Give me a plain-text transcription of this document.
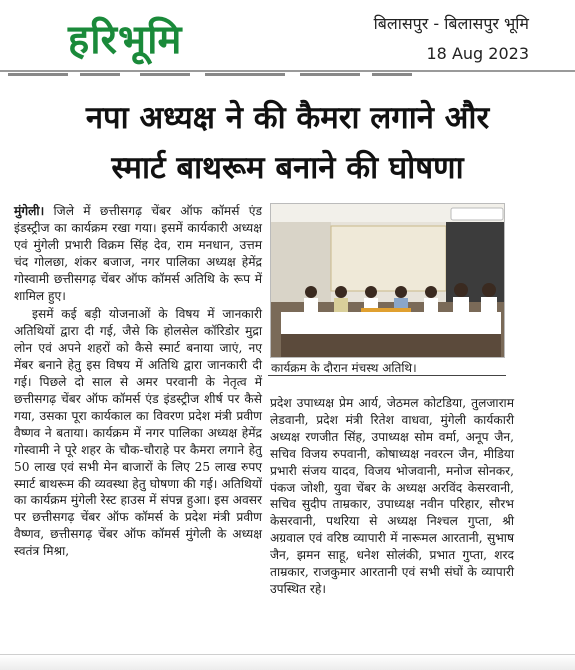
हरिभूमि	बिलासपुर - बिलासपुर भूमि
18 Aug 2023
नपा अध्यक्ष ने की कैमरा लगाने और
स्मार्ट बाथरूम बनाने की घोषणा

मुंगेली। जिले में छत्तीसगढ़ चेंबर ऑफ कॉमर्स एंड इंडस्ट्रीज का कार्यक्रम रखा गया। इसमें कार्यकारी अध्यक्ष एवं मुंगेली प्रभारी विक्रम सिंह देव, राम मनधान, उत्तम चंद गोलछा, शंकर बजाज, नगर पालिका अध्यक्ष हेमेंद्र गोस्वामी छत्तीसगढ़ चेंबर ऑफ कॉमर्स अतिथि के रूप में शामिल हुए।

इसमें कई बड़ी योजनाओं के विषय में जानकारी अतिथियों द्वारा दी गई, जैसे कि होलसेल कॉरिडोर मुद्रा लोन एवं अपने शहरों को कैसे स्मार्ट बनाया जाएं, नए मेंबर बनाने हेतु इस विषय में अतिथि द्वारा जानकारी दी गई। पिछले दो साल से अमर परवानी के नेतृत्व में छत्तीसगढ़ चेंबर ऑफ कॉमर्स एंड इंडस्ट्रीज शीर्ष पर कैसे गया, उसका पूरा कार्यकाल का विवरण प्रदेश मंत्री प्रवीण वैष्णव ने बताया। कार्यक्रम में नगर पालिका अध्यक्ष हेमेंद्र गोस्वामी ने पूरे शहर के चौक-चौराहे पर कैमरा लगाने हेतु 50 लाख एवं सभी मेन बाजारों के लिए 25 लाख रुपए स्मार्ट बाथरूम की व्यवस्था हेतु घोषणा की गई। अतिथियों का कार्यक्रम मुंगेली रेस्ट हाउस में संपन्न हुआ। इस अवसर पर छत्तीसगढ़ चेंबर ऑफ कॉमर्स के प्रदेश मंत्री प्रवीण वैष्णव, छत्तीसगढ़ चेंबर ऑफ कॉमर्स मुंगेली के अध्यक्ष स्वतंत्र मिश्रा,

कार्यक्रम के दौरान मंचस्थ अतिथि।

प्रदेश उपाध्यक्ष प्रेम आर्य, जेठमल कोटडिया, तुलजाराम लेडवानी, प्रदेश मंत्री रितेश वाधवा, मुंगेली कार्यकारी अध्यक्ष रणजीत सिंह, उपाध्यक्ष सोम वर्मा, अनूप जैन, सचिव विजय रुपवानी, कोषाध्यक्ष नवरत्न जैन, मीडिया प्रभारी संजय यादव, विजय भोजवानी, मनोज सोनकर, पंकज जोशी, युवा चेंबर के अध्यक्ष अरविंद केसरवानी, सचिव सुदीप ताम्रकार, उपाध्यक्ष नवीन परिहार, सौरभ केसरवानी, पथरिया से अध्यक्ष निश्चल गुप्ता, श्री अग्रवाल एवं वरिष्ठ व्यापारी में नारूमल आरतानी, सुभाष जैन, झमन साहू, धनेश सोलंकी, प्रभात गुप्ता, शरद ताम्रकार, राजकुमार आरतानी एवं सभी संघों के व्यापारी उपस्थित रहे।
